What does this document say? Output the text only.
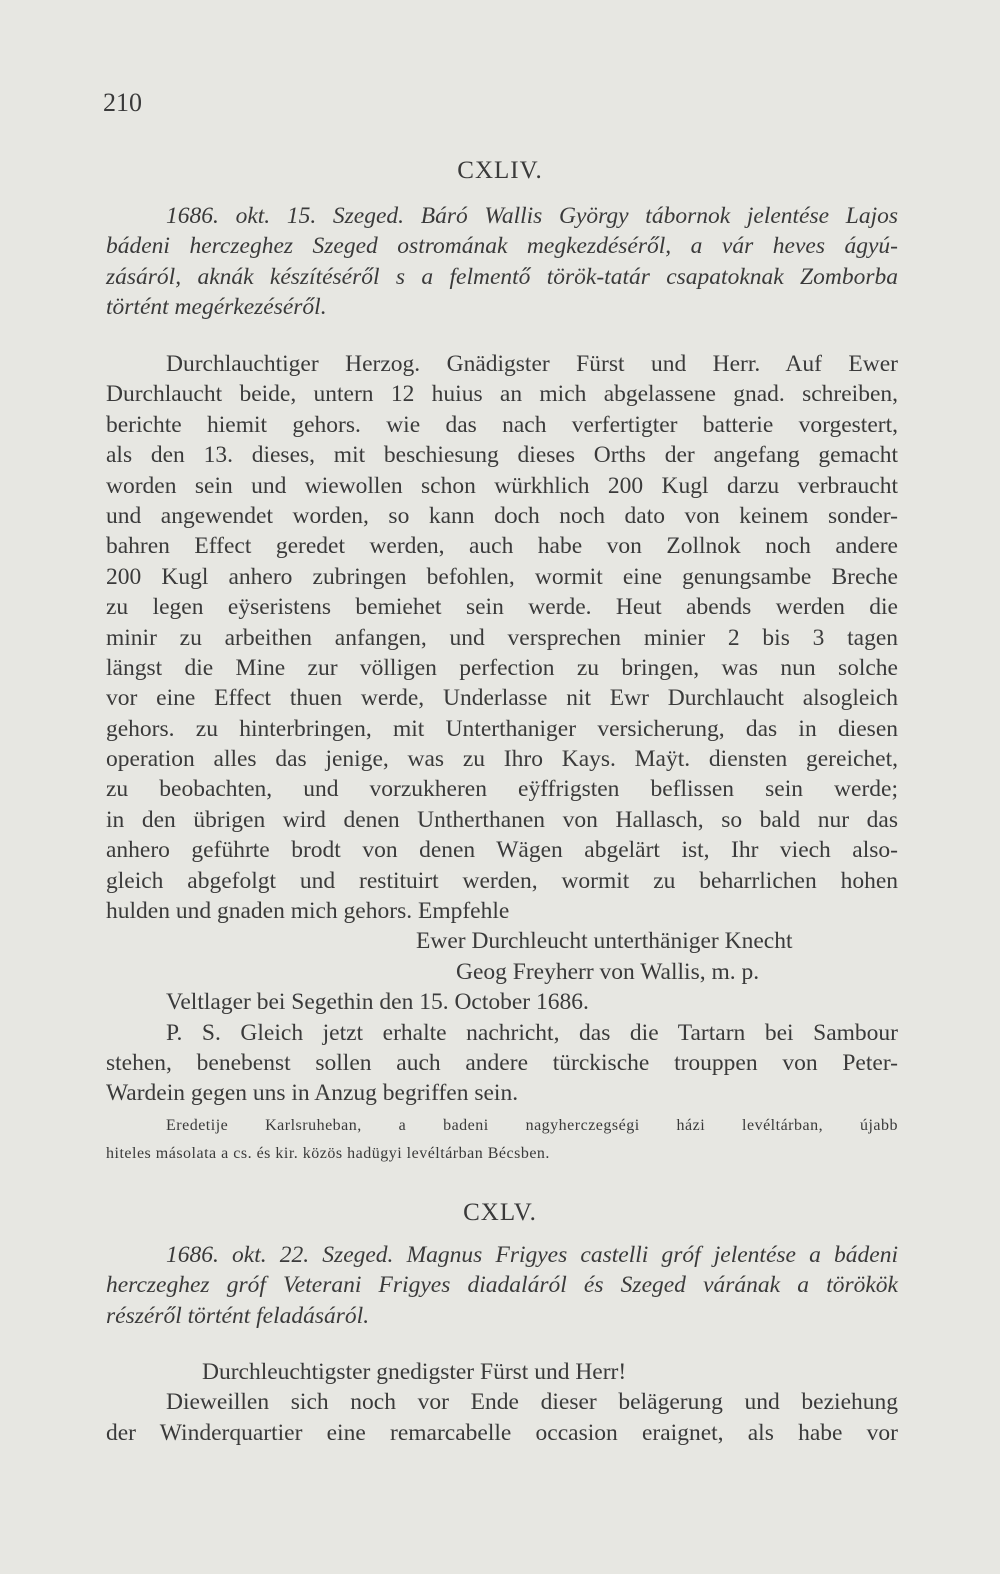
210
CXLIV.
1686. okt. 15. Szeged. Báró Wallis György tábornok jelentése Lajos
bádeni herczeghez Szeged ostromának megkezdéséről, a vár heves ágyú-
zásáról, aknák készítéséről s a felmentő török-tatár csapatoknak Zomborba
történt megérkezéséről.
Durchlauchtiger Herzog. Gnädigster Fürst und Herr. Auf Ewer
Durchlaucht beide, untern 12 huius an mich abgelassene gnad. schreiben,
berichte hiemit gehors. wie das nach verfertigter batterie vorgestert,
als den 13. dieses, mit beschiesung dieses Orths der angefang gemacht
worden sein und wiewollen schon würkhlich 200 Kugl darzu verbraucht
und angewendet worden, so kann doch noch dato von keinem sonder-
bahren Effect geredet werden, auch habe von Zollnok noch andere
200 Kugl anhero zubringen befohlen, wormit eine genungsambe Breche
zu legen eÿseristens bemiehet sein werde. Heut abends werden die
minir zu arbeithen anfangen, und versprechen minier 2 bis 3 tagen
längst die Mine zur völligen perfection zu bringen, was nun solche
vor eine Effect thuen werde, Underlasse nit Ewr Durchlaucht alsogleich
gehors. zu hinterbringen, mit Unterthaniger versicherung, das in diesen
operation alles das jenige, was zu Ihro Kays. Maÿt. diensten gereichet,
zu beobachten, und vorzukheren eÿffrigsten beflissen sein werde;
in den übrigen wird denen Untherthanen von Hallasch, so bald nur das
anhero geführte brodt von denen Wägen abgelärt ist, Ihr viech also-
gleich abgefolgt und restituirt werden, wormit zu beharrlichen hohen
hulden und gnaden mich gehors. Empfehle
Ewer Durchleucht unterthäniger Knecht
Geog Freyherr von Wallis, m. p.
Veltlager bei Segethin den 15. October 1686.
P. S. Gleich jetzt erhalte nachricht, das die Tartarn bei Sambour
stehen, benebenst sollen auch andere türckische trouppen von Peter-
Wardein gegen uns in Anzug begriffen sein.
Eredetije Karlsruheban, a badeni nagyherczegségi házi levéltárban, újabb
hiteles másolata a cs. és kir. közös hadügyi levéltárban Bécsben.
CXLV.
1686. okt. 22. Szeged. Magnus Frigyes castelli gróf jelentése a bádeni
herczeghez gróf Veterani Frigyes diadaláról és Szeged várának a törökök
részéről történt feladásáról.
Durchleuchtigster gnedigster Fürst und Herr!
Dieweillen sich noch vor Ende dieser belägerung und beziehung
der Winderquartier eine remarcabelle occasion eraignet, als habe vor
